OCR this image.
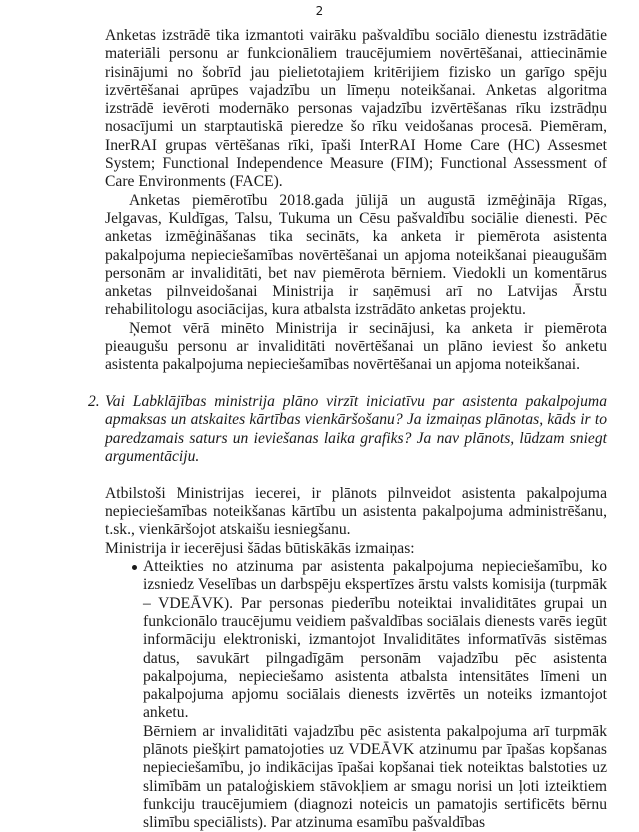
2

Anketas izstrādē tika izmantoti vairāku pašvaldību sociālo dienestu izstrādātie materiāli personu ar funkcionāliem traucējumiem novērtēšanai, attiecināmie risinājumi no šobrīd jau pielietotajiem kritērijiem fizisko un garīgo spēju izvērtēšanai aprūpes vajadzību un līmeņu noteikšanai. Anketas algoritma izstrādē ievēroti modernāko personas vajadzību izvērtēšanas rīku izstrādņu nosacījumi un starptautiskā pieredze šo rīku veidošanas procesā. Piemēram, InerRAI grupas vērtēšanas rīki, īpaši InterRAI Home Care (HC) Assesmet System; Functional Independence Measure (FIM); Functional Assessment of Care Environments (FACE).

Anketas piemērotību 2018.gada jūlijā un augustā izmēģināja Rīgas, Jelgavas, Kuldīgas, Talsu, Tukuma un Cēsu pašvaldību sociālie dienesti. Pēc anketas izmēģināšanas tika secināts, ka anketa ir piemērota asistenta pakalpojuma nepieciešamības novērtēšanai un apjoma noteikšanai pieaugušām personām ar invaliditāti, bet nav piemērota bērniem. Viedokli un komentārus anketas pilnveidošanai Ministrija ir saņēmusi arī no Latvijas Ārstu rehabilitologu asociācijas, kura atbalsta izstrādāto anketas projektu.

Ņemot vērā minēto Ministrija ir secinājusi, ka anketa ir piemērota pieaugušu personu ar invaliditāti novērtēšanai un plāno ieviest šo anketu asistenta pakalpojuma nepieciešamības novērtēšanai un apjoma noteikšanai.

2. Vai Labklājības ministrija plāno virzīt iniciatīvu par asistenta pakalpojuma apmaksas un atskaites kārtības vienkāršošanu? Ja izmaiņas plānotas, kāds ir to paredzamais saturs un ieviešanas laika grafiks? Ja nav plānots, lūdzam sniegt argumentāciju.

Atbilstoši Ministrijas iecerei, ir plānots pilnveidot asistenta pakalpojuma nepieciešamības noteikšanas kārtību un asistenta pakalpojuma administrēšanu, t.sk., vienkāršojot atskaišu iesniegšanu.

Ministrija ir iecerējusi šādas būtiskākās izmaiņas:

Atteikties no atzinuma par asistenta pakalpojuma nepieciešamību, ko izsniedz Veselības un darbspēju ekspertīzes ārstu valsts komisija (turpmāk – VDEĀVK). Par personas piederību noteiktai invaliditātes grupai un funkcionālo traucējumu veidiem pašvaldības sociālais dienests varēs iegūt informāciju elektroniski, izmantojot Invaliditātes informatīvās sistēmas datus, savukārt pilngadīgām personām vajadzību pēc asistenta pakalpojuma, nepieciešamo asistenta atbalsta intensitātes līmeni un pakalpojuma apjomu sociālais dienests izvērtēs un noteiks izmantojot anketu.

Bērniem ar invaliditāti vajadzību pēc asistenta pakalpojuma arī turpmāk plānots piešķirt pamatojoties uz VDEĀVK atzinumu par īpašas kopšanas nepieciešamību, jo indikācijas īpašai kopšanai tiek noteiktas balstoties uz slimībām un patalo​ģiskiem stāvokļiem ar smagu norisi un ļoti izteiktiem funkciju traucējumiem (diagnozi noteicis un pamatojis sertificēts bērnu slimību speciālists). Par atzinuma esamību pašvaldības
